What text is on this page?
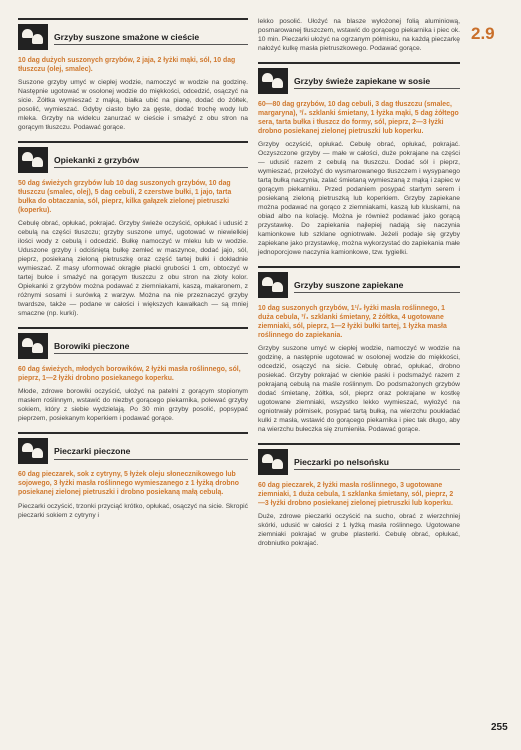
2.9
Grzyby suszone smażone w cieście

10 dag dużych suszonych grzybów, 2 jaja, 2 łyżki mąki, sól, 10 dag tłuszczu (olej, smalec).

Suszone grzyby umyć w ciepłej wodzie, namoczyć w wodzie na godzinę. Następnie ugotować w osolonej wodzie do miękkości, odcedzić, osączyć na sicie. Żółtka wymieszać z mąką, białka ubić na pianę, dodać do żółtek, posolić, wymieszać. Gdyby ciasto było za gęste, dodać trochę wody lub mleka. Grzyby na widelcu zanurzać w cieście i smażyć z obu stron na gorącym tłuszczu. Podawać gorące.

Opiekanki z grzybów

50 dag świeżych grzybów lub 10 dag suszonych grzybów, 10 dag tłuszczu (smalec, olej), 5 dag cebuli, 2 czerstwe bułki, 1 jajo, tarta bułka do obtaczania, sól, pieprz, kilka gałązek zielonej pietruszki (koperku).

Cebulę obrać, opłukać, pokrajać. Grzyby świeże oczyścić, opłukać i udusić z cebulą na części tłuszczu; grzyby suszone umyć, ugotować w niewielkiej ilości wody z cebulą i odcedzić. Bułkę namoczyć w mleku lub w wodzie. Uduszone grzyby i odciśniętą bułkę zemleć w maszynce, dodać jajo, sól, pieprz, posiekaną zieloną pietruszkę oraz część tartej bułki i dokładnie wymieszać. Z masy uformować okrągłe płacki grubości 1 cm, obtoczyć w tartej bułce i smażyć na gorącym tłuszczu z obu stron na złoty kolor. Opiekanki z grzybów można podawać z ziemniakami, kaszą, makaronem, z różnymi sosami i surówką z warzyw. Można na nie przeznaczyć grzyby twardsze, także — podane w całości i większych kawałkach — są mniej smaczne (np. kurki).

Borowiki pieczone

60 dag świeżych, młodych borowików, 2 łyżki masła roślinnego, sól, pieprz, 1—2 łyżki drobno posiekanego koperku.

Młode, zdrowe borowiki oczyścić, ułożyć na patelni z gorącym stopionym masłem roślinnym, wstawić do niezbyt gorącego piekarnika, polewać grzyby sokiem, który z siebie wydzielają. Po 30 min grzyby posolić, popsypać pieprzem, posiekanym koperkiem i podawać gorące.

Pieczarki pieczone

60 dag pieczarek, sok z cytryny, 5 łyżek oleju słonecznikowego lub sojowego, 3 łyżki masła roślinnego wymieszanego z 1 łyżką drobno posiekanej zielonej pietruszki i drobno posiekaną małą cebulą.

Pieczarki oczyścić, trzonki przyciąć krótko, opłukać, osączyć na sicie. Skropić pieczarki sokiem z cytryny i

lekko posolić. Ułożyć na blasze wyłożonej folią aluminiową, posmarowanej tłuszczem, wstawić do gorącego piekarnika i piec ok. 10 min. Pieczarki ułożyć na ogrzanym półmisku, na każdą pieczarkę nałożyć kulkę masła pietruszkowego. Podawać gorące.

Grzyby świeże zapiekane w sosie

60—80 dag grzybów, 10 dag cebuli, 3 dag tłuszczu (smalec, margaryna), ³/₄ szklanki śmietany, 1 łyżka mąki, 5 dag żółtego sera, tarta bułka i tłuszcz do formy, sól, pieprz, 2—3 łyżki drobno posiekanej zielonej pietruszki lub koperku.

Grzyby oczyścić, opłukać. Cebulę obrać, opłukać, pokrajać. Oczyszczone grzyby — małe w całości, duże pokrajane na części — udusić razem z cebulą na tłuszczu. Dodać sól i pieprz, wymieszać, przełożyć do wysmarowanego tłuszczem i wysypanego tartą bułką naczynia, zalać śmietaną wymieszaną z mąką i zapiec w gorącym piekarniku. Przed podaniem posypać startym serem i posiekaną zieloną pietruszką lub koperkiem. Grzyby zapiekane można podawać na gorąco z ziemniakami, kaszą lub kluskami, na obiad albo na kolację. Można je również podawać jako gorącą przystawkę. Do zapiekania najlepiej nadają się naczynia kamionkowe lub szklane ogniotrwałe. Jeżeli podaje się grzyby zapiekane jako przystawkę, można wykorzystać do zapiekania małe jednoporcjowe naczynia kamionkowe, tzw. tygielki.

Grzyby suszone zapiekane

10 dag suszonych grzybów, 1¹/₂ łyżki masła roślinnego, 1 duża cebula, ³/₄ szklanki śmietany, 2 żółtka, 4 ugotowane ziemniaki, sól, pieprz, 1—2 łyżki bułki tartej, 1 łyżka masła roślinnego do zapiekania.

Grzyby suszone umyć w ciepłej wodzie, namoczyć w wodzie na godzinę, a następnie ugotować w osolonej wodzie do miękkości, odcedzić, osączyć na sicie. Cebulę obrać, opłukać, drobno posiekać. Grzyby pokrajać w cienkie paski i podsmażyć razem z pokrajaną cebulą na maśle roślinnym. Do podsmażonych grzybów dodać śmietanę, żółtka, sól, pieprz oraz pokrajane w kostkę ugotowane ziemniaki, wszystko lekko wymieszać, wyłożyć na ogniotrwały półmisek, posypać tartą bułką, na wierzchu poukładać kulki z masła, wstawić do gorącego piekarnika i piec tak długo, aby na wierzchu bułeczka się zrumieniła. Podawać gorące.

Pieczarki po nelsońsku

60 dag pieczarek, 2 łyżki masła roślinnego, 3 ugotowane ziemniaki, 1 duża cebula, 1 szklanka śmietany, sól, pieprz, 2—3 łyżki drobno posiekanej zielonej pietruszki lub koperku.

Duże, zdrowe pieczarki oczyścić na sucho, obrać z wierzchniej skórki, udusić w całości z 1 łyżką masła roślinnego. Ugotowane ziemniaki pokrajać w grube plasterki. Cebulę obrać, opłukać, drobniutko pokrajać.

255
